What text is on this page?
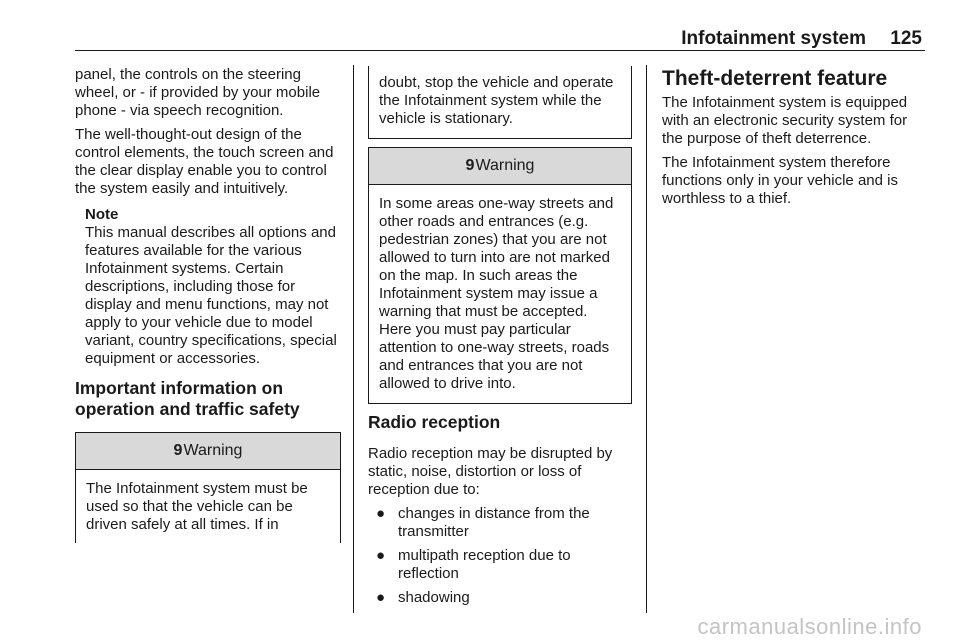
Infotainment system 125

panel, the controls on the steering wheel, or - if provided by your mobile phone - via speech recognition.

The well-thought-out design of the control elements, the touch screen and the clear display enable you to control the system easily and intuitively.

Note
This manual describes all options and features available for the various Infotainment systems. Certain descriptions, including those for display and menu functions, may not apply to your vehicle due to model variant, country specifications, special equipment or accessories.
Important information on operation and traffic safety
9Warning
The Infotainment system must be used so that the vehicle can be driven safely at all times. If in
doubt, stop the vehicle and operate the Infotainment system while the vehicle is stationary.
9Warning
In some areas one-way streets and other roads and entrances (e.g. pedestrian zones) that you are not allowed to turn into are not marked on the map. In such areas the Infotainment system may issue a warning that must be accepted. Here you must pay particular attention to one-way streets, roads and entrances that you are not allowed to drive into.
Radio reception

Radio reception may be disrupted by static, noise, distortion or loss of reception due to:

● changes in distance from the transmitter
● multipath reception due to reflection
● shadowing
Theft-deterrent feature

The Infotainment system is equipped with an electronic security system for the purpose of theft deterrence.

The Infotainment system therefore functions only in your vehicle and is worthless to a thief.

carmanualsonline.info
